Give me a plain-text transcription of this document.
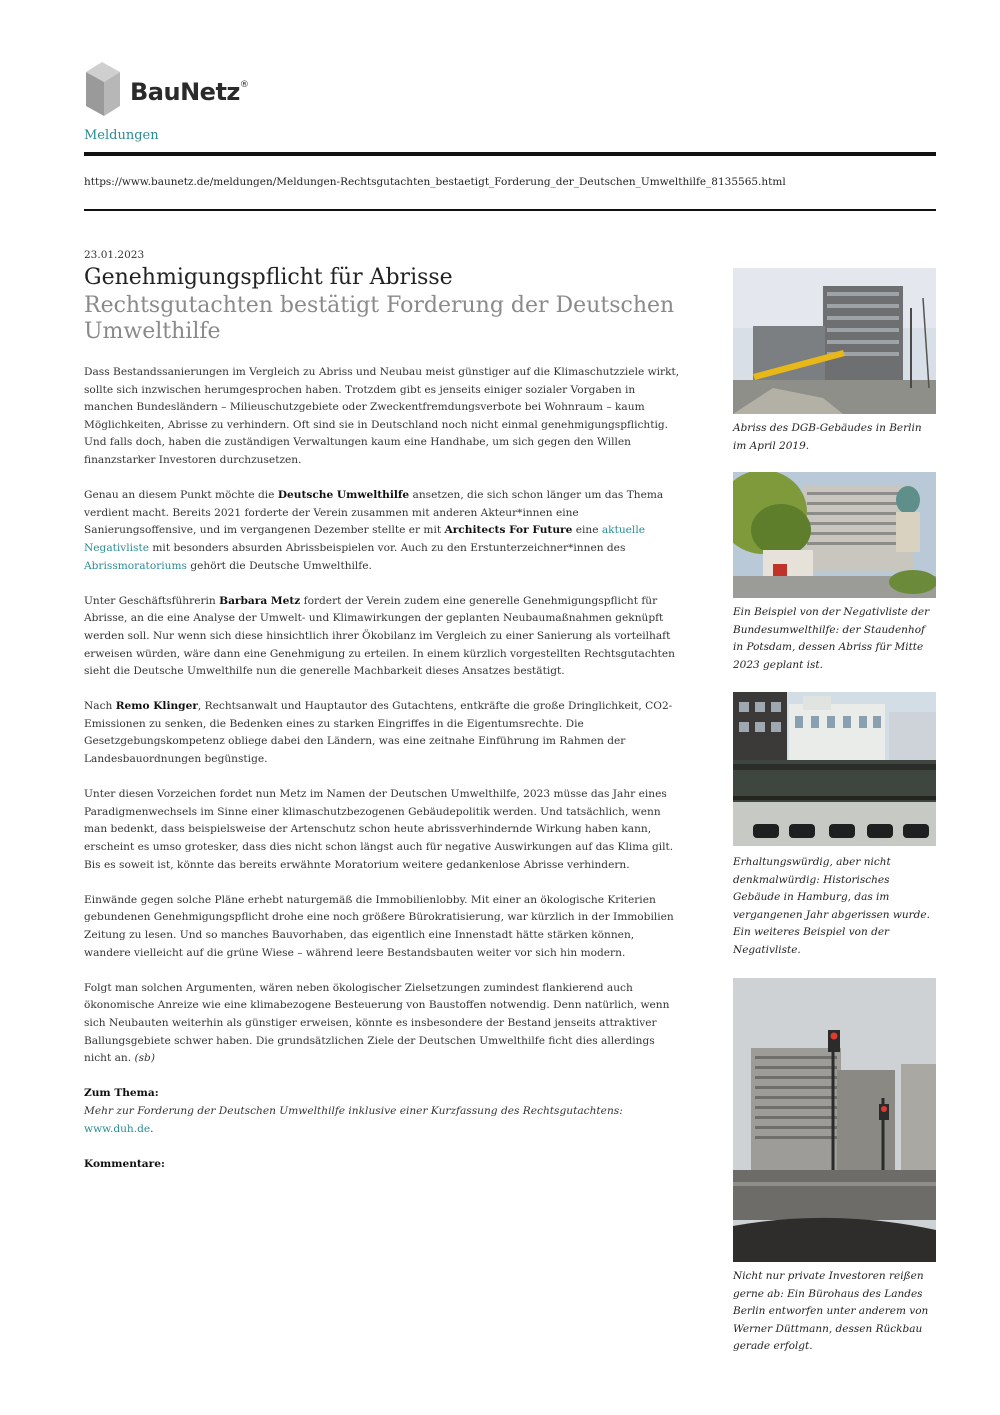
BauNetz®
Meldungen
https://www.baunetz.de/meldungen/Meldungen-Rechtsgutachten_bestaetigt_Forderung_der_Deutschen_Umwelthilfe_8135565.html
23.01.2023
Genehmigungspflicht für Abrisse
Rechtsgutachten bestätigt Forderung der Deutschen Umwelthilfe

Dass Bestandssanierungen im Vergleich zu Abriss und Neubau meist günstiger auf die Klimaschutzziele wirkt, sollte sich inzwischen herumgesprochen haben. Trotzdem gibt es jenseits einiger sozialer Vorgaben in manchen Bundesländern – Milieuschutzgebiete oder Zweckentfremdungsverbote bei Wohnraum – kaum Möglichkeiten, Abrisse zu verhindern. Oft sind sie in Deutschland noch nicht einmal genehmigungspflichtig. Und falls doch, haben die zuständigen Verwaltungen kaum eine Handhabe, um sich gegen den Willen finanzstarker Investoren durchzusetzen.

Genau an diesem Punkt möchte die Deutsche Umwelthilfe ansetzen, die sich schon länger um das Thema verdient macht. Bereits 2021 forderte der Verein zusammen mit anderen Akteur*innen eine Sanierungsoffensive, und im vergangenen Dezember stellte er mit Architects For Future eine aktuelle Negativliste mit besonders absurden Abrissbeispielen vor. Auch zu den Erstunterzeichner*innen des Abrissmoratoriums gehört die Deutsche Umwelthilfe.

Unter Geschäftsführerin Barbara Metz fordert der Verein zudem eine generelle Genehmigungspflicht für Abrisse, an die eine Analyse der Umwelt- und Klimawirkungen der geplanten Neubaumaßnahmen geknüpft werden soll. Nur wenn sich diese hinsichtlich ihrer Ökobilanz im Vergleich zu einer Sanierung als vorteilhaft erweisen würden, wäre dann eine Genehmigung zu erteilen. In einem kürzlich vorgestellten Rechtsgutachten sieht die Deutsche Umwelthilfe nun die generelle Machbarkeit dieses Ansatzes bestätigt.

Nach Remo Klinger, Rechtsanwalt und Hauptautor des Gutachtens, entkräfte die große Dringlichkeit, CO2-Emissionen zu senken, die Bedenken eines zu starken Eingriffes in die Eigentumsrechte. Die Gesetzgebungskompetenz obliege dabei den Ländern, was eine zeitnahe Einführung im Rahmen der Landesbauordnungen begünstige.

Unter diesen Vorzeichen fordet nun Metz im Namen der Deutschen Umwelthilfe, 2023 müsse das Jahr eines Paradigmenwechsels im Sinne einer klimaschutzbezogenen Gebäudepolitik werden. Und tatsächlich, wenn man bedenkt, dass beispielsweise der Artenschutz schon heute abrissverhindernde Wirkung haben kann, erscheint es umso grotesker, dass dies nicht schon längst auch für negative Auswirkungen auf das Klima gilt. Bis es soweit ist, könnte das bereits erwähnte Moratorium weitere gedankenlose Abrisse verhindern.

Einwände gegen solche Pläne erhebt naturgemäß die Immobilienlobby. Mit einer an ökologische Kriterien gebundenen Genehmigungspflicht drohe eine noch größere Bürokratisierung, war kürzlich in der Immobilien Zeitung zu lesen. Und so manches Bauvorhaben, das eigentlich eine Innenstadt hätte stärken können, wandere vielleicht auf die grüne Wiese – während leere Bestandsbauten weiter vor sich hin modern.

Folgt man solchen Argumenten, wären neben ökologischer Zielsetzungen zumindest flankierend auch ökonomische Anreize wie eine klimabezogene Besteuerung von Baustoffen notwendig. Denn natürlich, wenn sich Neubauten weiterhin als günstiger erweisen, könnte es insbesondere der Bestand jenseits attraktiver Ballungsgebiete schwer haben. Die grundsätzlichen Ziele der Deutschen Umwelthilfe ficht dies allerdings nicht an. (sb)

Zum Thema:
Mehr zur Forderung der Deutschen Umwelthilfe inklusive einer Kurzfassung des Rechtsgutachtens:
www.duh.de.
Kommentare:
Abriss des DGB-Gebäudes in Berlin im April 2019.
Ein Beispiel von der Negativliste der Bundesumwelthilfe: der Staudenhof in Potsdam, dessen Abriss für Mitte 2023 geplant ist.
Erhaltungswürdig, aber nicht denkmalwürdig: Historisches Gebäude in Hamburg, das im vergangenen Jahr abgerissen wurde. Ein weiteres Beispiel von der Negativliste.
Nicht nur private Investoren reißen gerne ab: Ein Bürohaus des Landes Berlin entworfen unter anderem von Werner Düttmann, dessen Rückbau gerade erfolgt.
